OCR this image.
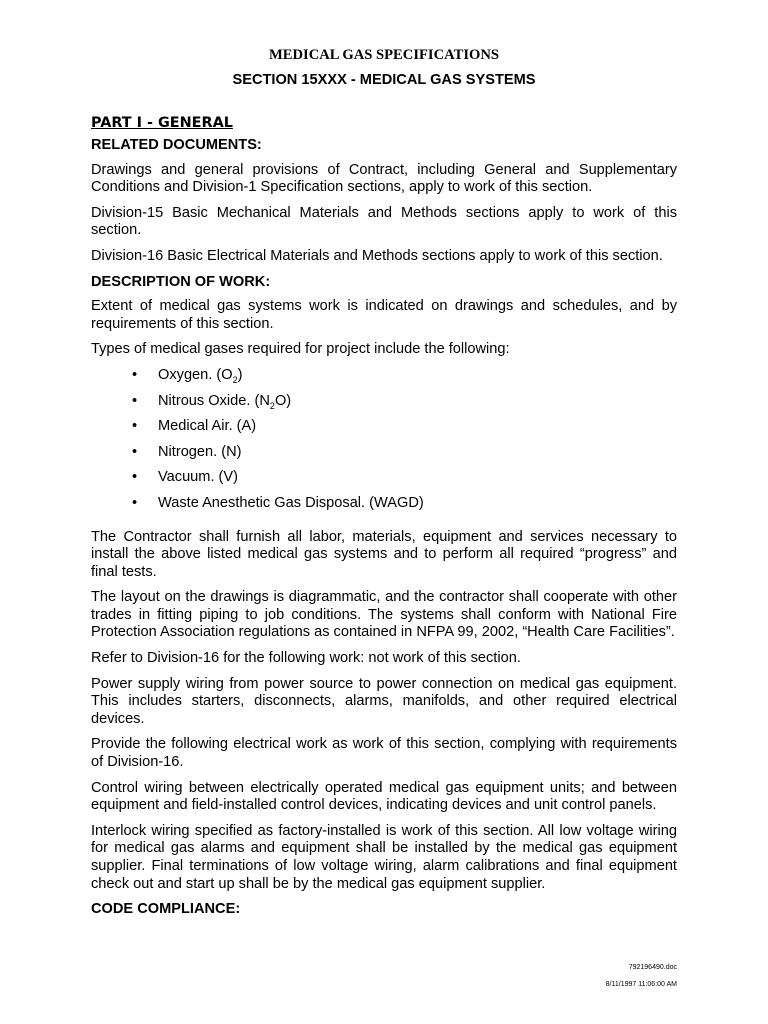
MEDICAL GAS SPECIFICATIONS
SECTION 15XXX - MEDICAL GAS SYSTEMS
PART I - GENERAL
RELATED DOCUMENTS:

Drawings and general provisions of Contract, including General and Supplementary Conditions and Division-1 Specification sections, apply to work of this section.

Division-15 Basic Mechanical Materials and Methods sections apply to work of this section.

Division-16 Basic Electrical Materials and Methods sections apply to work of this section.

DESCRIPTION OF WORK:

Extent of medical gas systems work is indicated on drawings and schedules, and by requirements of this section.

Types of medical gases required for project include the following:

• Oxygen. $(O_2)$
• Nitrous Oxide. $(N_2O)$
• Medical Air. (A)
• Nitrogen. (N)
• Vacuum. (V)
• Waste Anesthetic Gas Disposal. (WAGD)

The Contractor shall furnish all labor, materials, equipment and services necessary to install the above listed medical gas systems and to perform all required “progress” and final tests.

The layout on the drawings is diagrammatic, and the contractor shall cooperate with other trades in fitting piping to job conditions. The systems shall conform with National Fire Protection Association regulations as contained in NFPA 99, 2002, “Health Care Facilities”.

Refer to Division-16 for the following work: not work of this section.

Power supply wiring from power source to power connection on medical gas equipment. This includes starters, disconnects, alarms, manifolds, and other required electrical devices.

Provide the following electrical work as work of this section, complying with requirements of Division-16.

Control wiring between electrically operated medical gas equipment units; and between equipment and field-installed control devices, indicating devices and unit control panels.

Interlock wiring specified as factory-installed is work of this section. All low voltage wiring for medical gas alarms and equipment shall be installed by the medical gas equipment supplier. Final terminations of low voltage wiring, alarm calibrations and final equipment check out and start up shall be by the medical gas equipment supplier.

CODE COMPLIANCE:
792196490.doc
8/11/1997 11:06:00 AM
